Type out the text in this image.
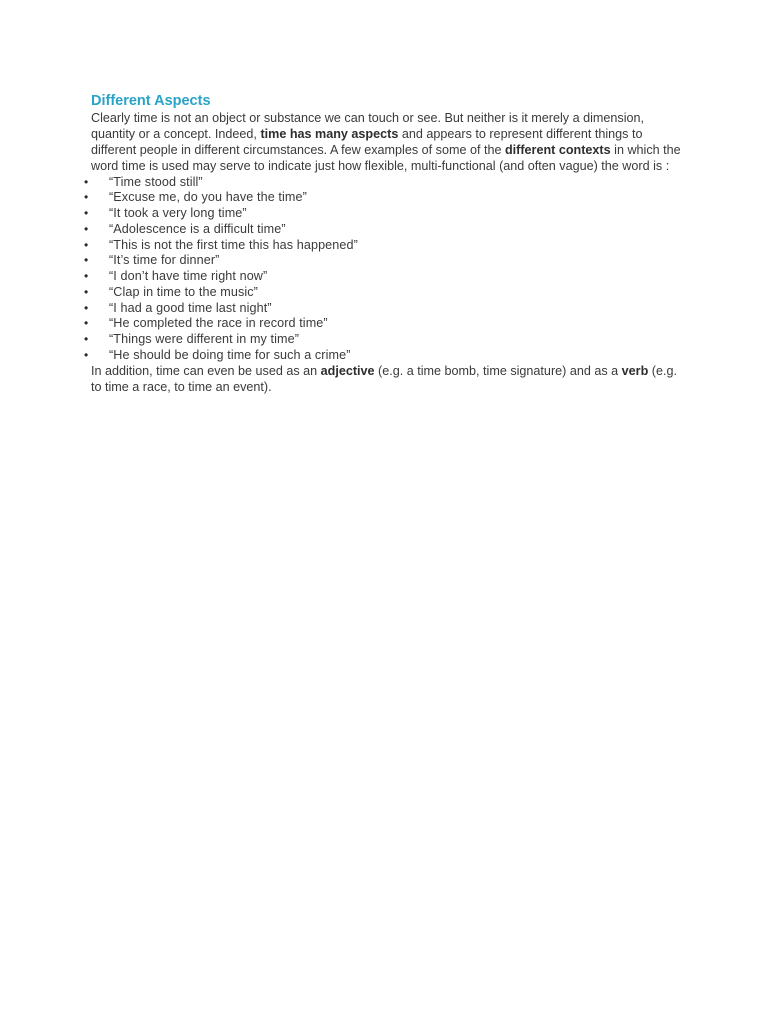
Different Aspects

Clearly time is not an object or substance we can touch or see. But neither is it merely a dimension, quantity or a concept. Indeed, time has many aspects and appears to represent different things to different people in different circumstances. A few examples of some of the different contexts in which the word time is used may serve to indicate just how flexible, multi-functional (and often vague) the word is :

• “Time stood still”
• “Excuse me, do you have the time”
• “It took a very long time”
• “Adolescence is a difficult time”
• “This is not the first time this has happened”
• “It’s time for dinner”
• “I don’t have time right now”
• “Clap in time to the music”
• “I had a good time last night”
• “He completed the race in record time”
• “Things were different in my time”
• “He should be doing time for such a crime”

In addition, time can even be used as an adjective (e.g. a time bomb, time signature) and as a verb (e.g. to time a race, to time an event).
